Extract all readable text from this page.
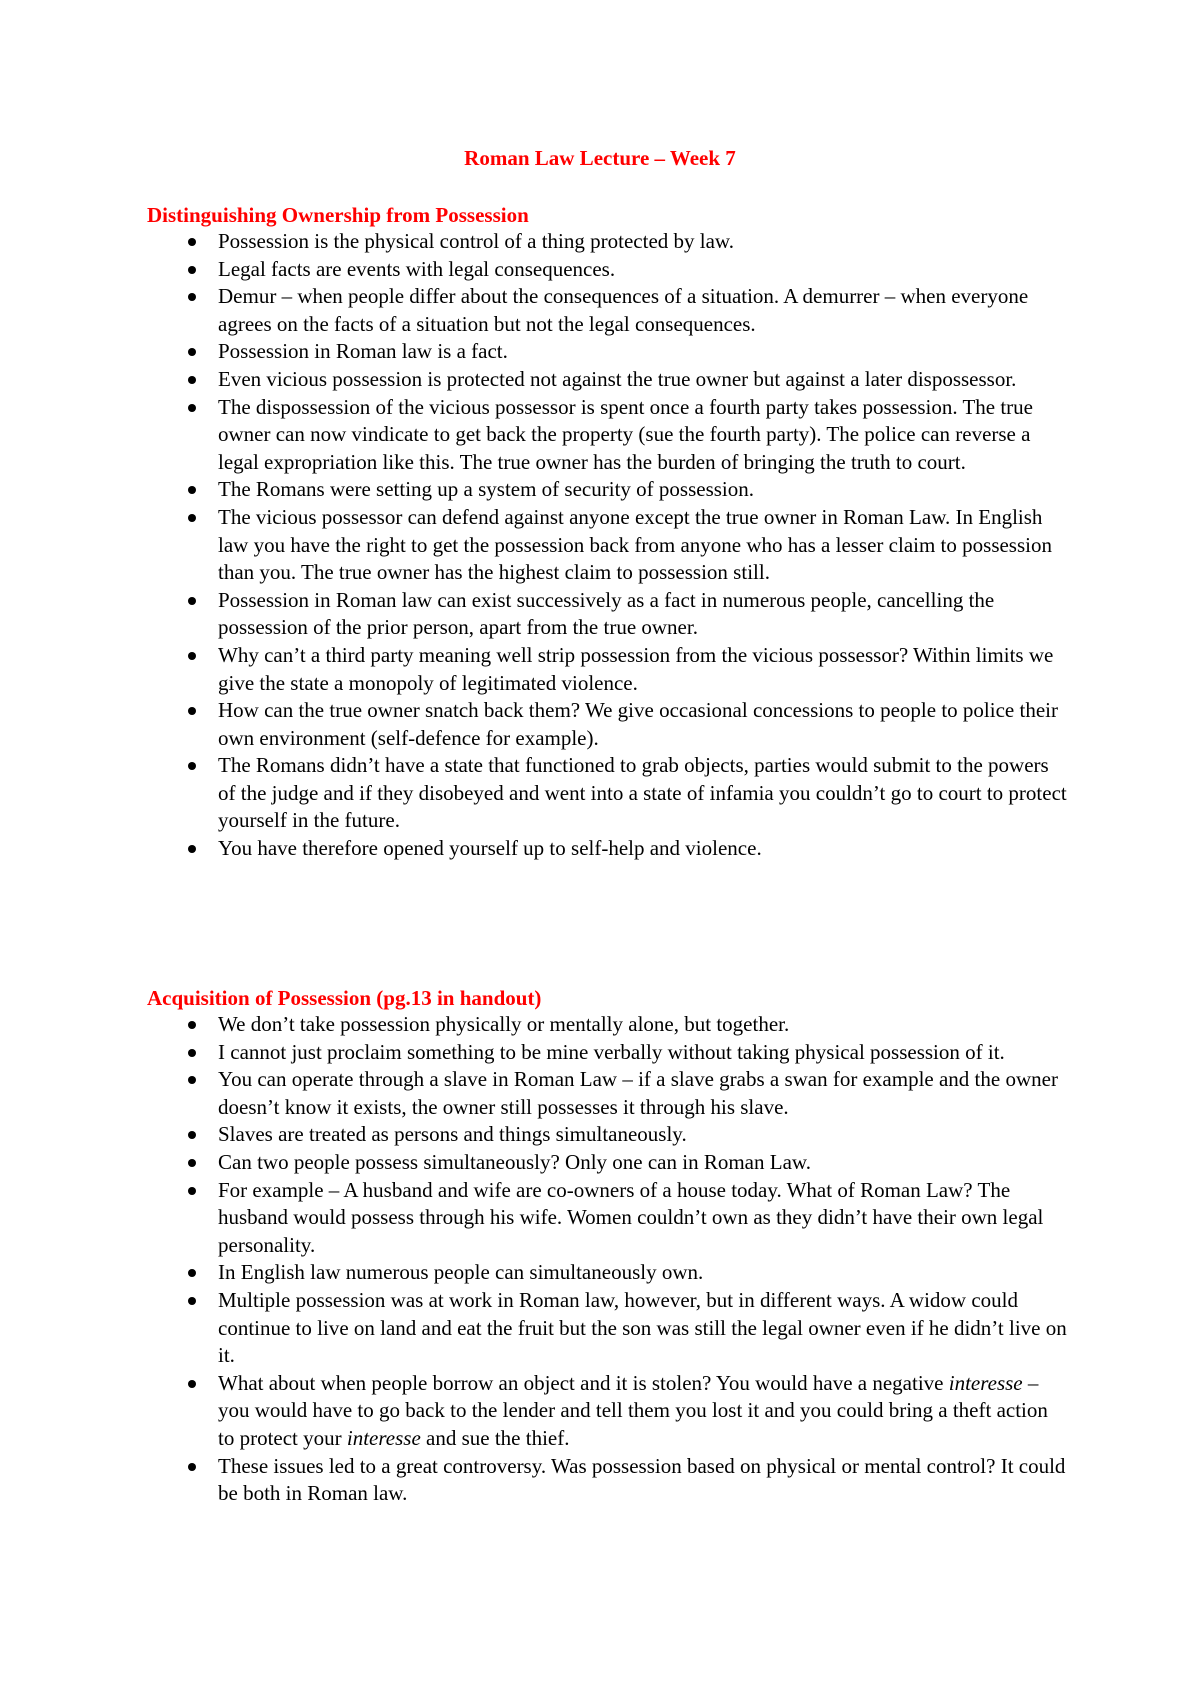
Roman Law Lecture – Week 7
Distinguishing Ownership from Possession
Possession is the physical control of a thing protected by law.
Legal facts are events with legal consequences.
Demur – when people differ about the consequences of a situation. A demurrer – when everyone agrees on the facts of a situation but not the legal consequences.
Possession in Roman law is a fact.
Even vicious possession is protected not against the true owner but against a later dispossessor.
The dispossession of the vicious possessor is spent once a fourth party takes possession. The true owner can now vindicate to get back the property (sue the fourth party). The police can reverse a legal expropriation like this. The true owner has the burden of bringing the truth to court.
The Romans were setting up a system of security of possession.
The vicious possessor can defend against anyone except the true owner in Roman Law. In English law you have the right to get the possession back from anyone who has a lesser claim to possession than you. The true owner has the highest claim to possession still.
Possession in Roman law can exist successively as a fact in numerous people, cancelling the possession of the prior person, apart from the true owner.
Why can’t a third party meaning well strip possession from the vicious possessor? Within limits we give the state a monopoly of legitimated violence.
How can the true owner snatch back them? We give occasional concessions to people to police their own environment (self-defence for example).
The Romans didn’t have a state that functioned to grab objects, parties would submit to the powers of the judge and if they disobeyed and went into a state of infamia you couldn’t go to court to protect yourself in the future.
You have therefore opened yourself up to self-help and violence.
Acquisition of Possession (pg.13 in handout)
We don’t take possession physically or mentally alone, but together.
I cannot just proclaim something to be mine verbally without taking physical possession of it.
You can operate through a slave in Roman Law – if a slave grabs a swan for example and the owner doesn’t know it exists, the owner still possesses it through his slave.
Slaves are treated as persons and things simultaneously.
Can two people possess simultaneously? Only one can in Roman Law.
For example – A husband and wife are co-owners of a house today. What of Roman Law? The husband would possess through his wife. Women couldn’t own as they didn’t have their own legal personality.
In English law numerous people can simultaneously own.
Multiple possession was at work in Roman law, however, but in different ways. A widow could continue to live on land and eat the fruit but the son was still the legal owner even if he didn’t live on it.
What about when people borrow an object and it is stolen? You would have a negative interesse – you would have to go back to the lender and tell them you lost it and you could bring a theft action to protect your interesse and sue the thief.
These issues led to a great controversy. Was possession based on physical or mental control? It could be both in Roman law.
